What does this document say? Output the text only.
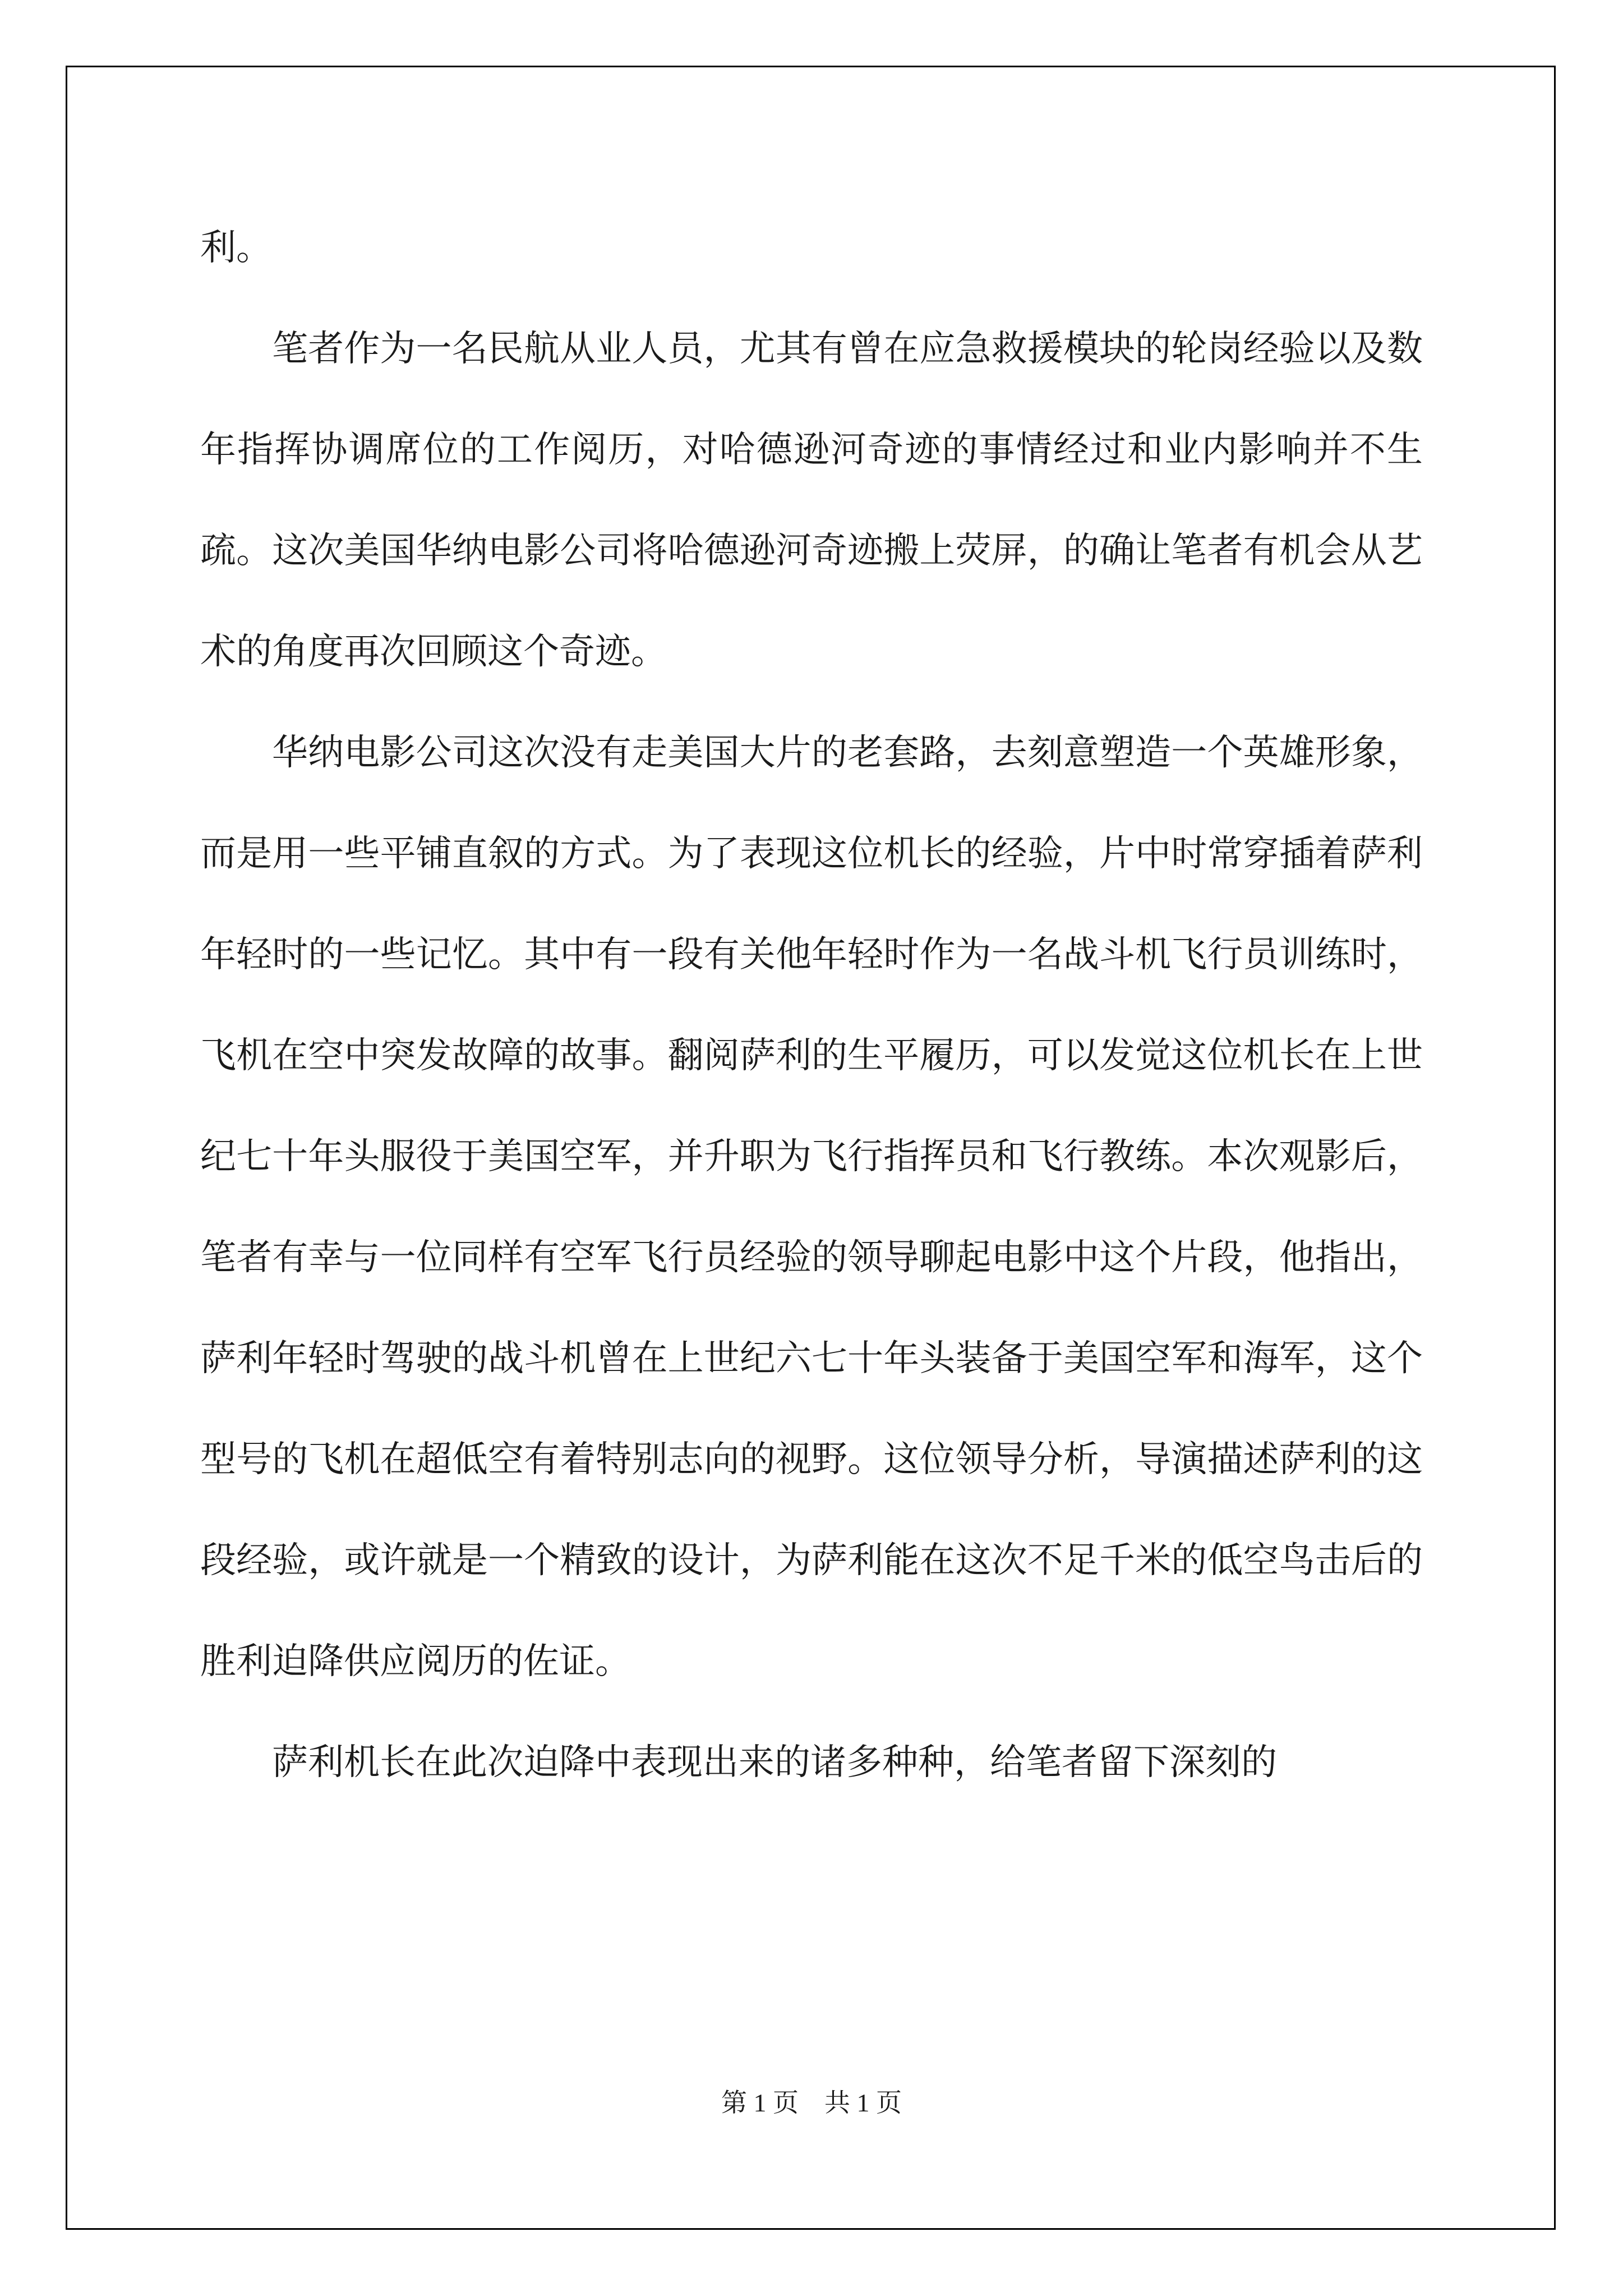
利。

笔者作为一名民航从业人员，尤其有曾在应急救援模块的轮岗经验以及数年指挥协调席位的工作阅历，对哈德逊河奇迹的事情经过和业内影响并不生疏。这次美国华纳电影公司将哈德逊河奇迹搬上荧屏，的确让笔者有机会从艺术的角度再次回顾这个奇迹。

华纳电影公司这次没有走美国大片的老套路，去刻意塑造一个英雄形象，而是用一些平铺直叙的方式。为了表现这位机长的经验，片中时常穿插着萨利年轻时的一些记忆。其中有一段有关他年轻时作为一名战斗机飞行员训练时，飞机在空中突发故障的故事。翻阅萨利的生平履历，可以发觉这位机长在上世纪七十年头服役于美国空军，并升职为飞行指挥员和飞行教练。本次观影后，笔者有幸与一位同样有空军飞行员经验的领导聊起电影中这个片段，他指出，萨利年轻时驾驶的战斗机曾在上世纪六七十年头装备于美国空军和海军，这个型号的飞机在超低空有着特别志向的视野。这位领导分析，导演描述萨利的这段经验，或许就是一个精致的设计，为萨利能在这次不足千米的低空鸟击后的胜利迫降供应阅历的佐证。

萨利机长在此次迫降中表现出来的诸多种种，给笔者留下深刻的

第 1 页　共 1 页
